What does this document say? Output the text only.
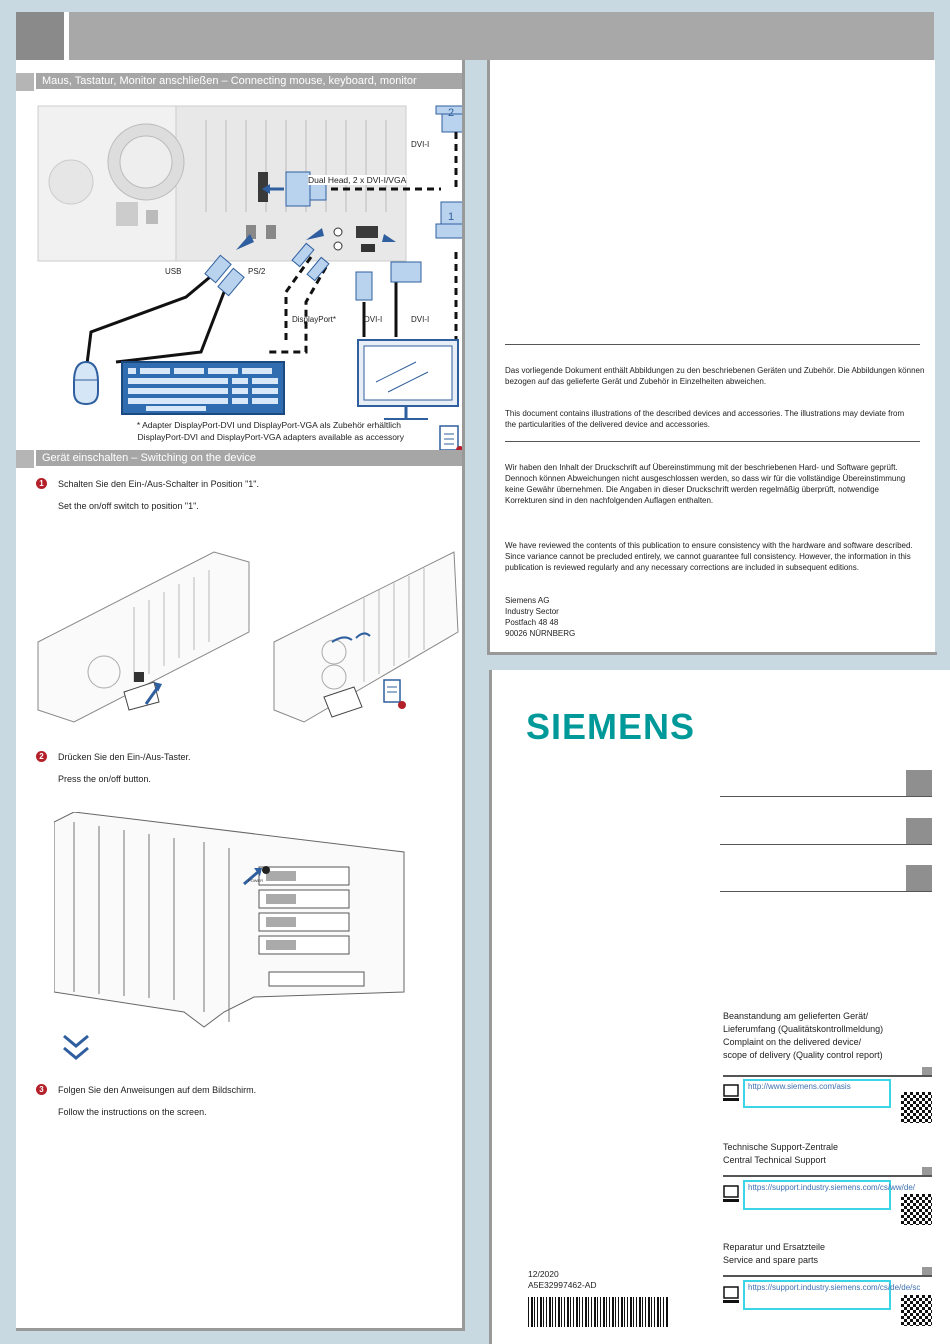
Maus, Tastatur, Monitor anschließen – Connecting mouse, keyboard, monitor
2
DVI-I
Dual Head, 2 x DVI-I/VGA
1
USB	PS/2
DisplayPort*	DVI-I	DVI-I
* Adapter DisplayPort-DVI und DisplayPort-VGA als Zubehör erhältlich
DisplayPort-DVI and DisplayPort-VGA adapters available as accessory
Gerät einschalten – Switching on the device
1	Schalten Sie den Ein-/Aus-Schalter in Position "1".
Set the on/off switch to position "1".
2	Drücken Sie den Ein-/Aus-Taster.
Press the on/off button.
POWER
3	Folgen Sie den Anweisungen auf dem Bildschirm.
Follow the instructions on the screen.
Das vorliegende Dokument enthält Abbildungen zu den beschriebenen Geräten und Zubehör. Die Abbildungen können bezogen auf das gelieferte Gerät und Zubehör in Einzelheiten abweichen.
This document contains illustrations of the described devices and accessories. The illustrations may deviate from the particularities of the delivered device and accessories.
Wir haben den Inhalt der Druckschrift auf Übereinstimmung mit der beschriebenen Hard- und Software geprüft. Dennoch können Abweichungen nicht ausgeschlossen werden, so dass wir für die vollständige Übereinstimmung keine Gewähr übernehmen. Die Angaben in dieser Druckschrift werden regelmäßig überprüft, notwendige Korrekturen sind in den nachfolgenden Auflagen enthalten.
We have reviewed the contents of this publication to ensure consistency with the hardware and software described. Since variance cannot be precluded entirely, we cannot guarantee full consistency. However, the information in this publication is reviewed regularly and any necessary corrections are included in subsequent editions.
Siemens AG
Industry Sector
Postfach 48 48
90026 NÜRNBERG
SIEMENS
Beanstandung am gelieferten Gerät/
Lieferumfang (Qualitätskontrollmeldung)
Complaint on the delivered device/
scope of delivery (Quality control report)
http://www.siemens.com/asis
Technische Support-Zentrale
Central Technical Support
https://support.industry.siemens.com/cs/ww/de/
Reparatur und Ersatzteile
Service and spare parts
https://support.industry.siemens.com/cs/de/de/sc
12/2020
A5E32997462-AD
